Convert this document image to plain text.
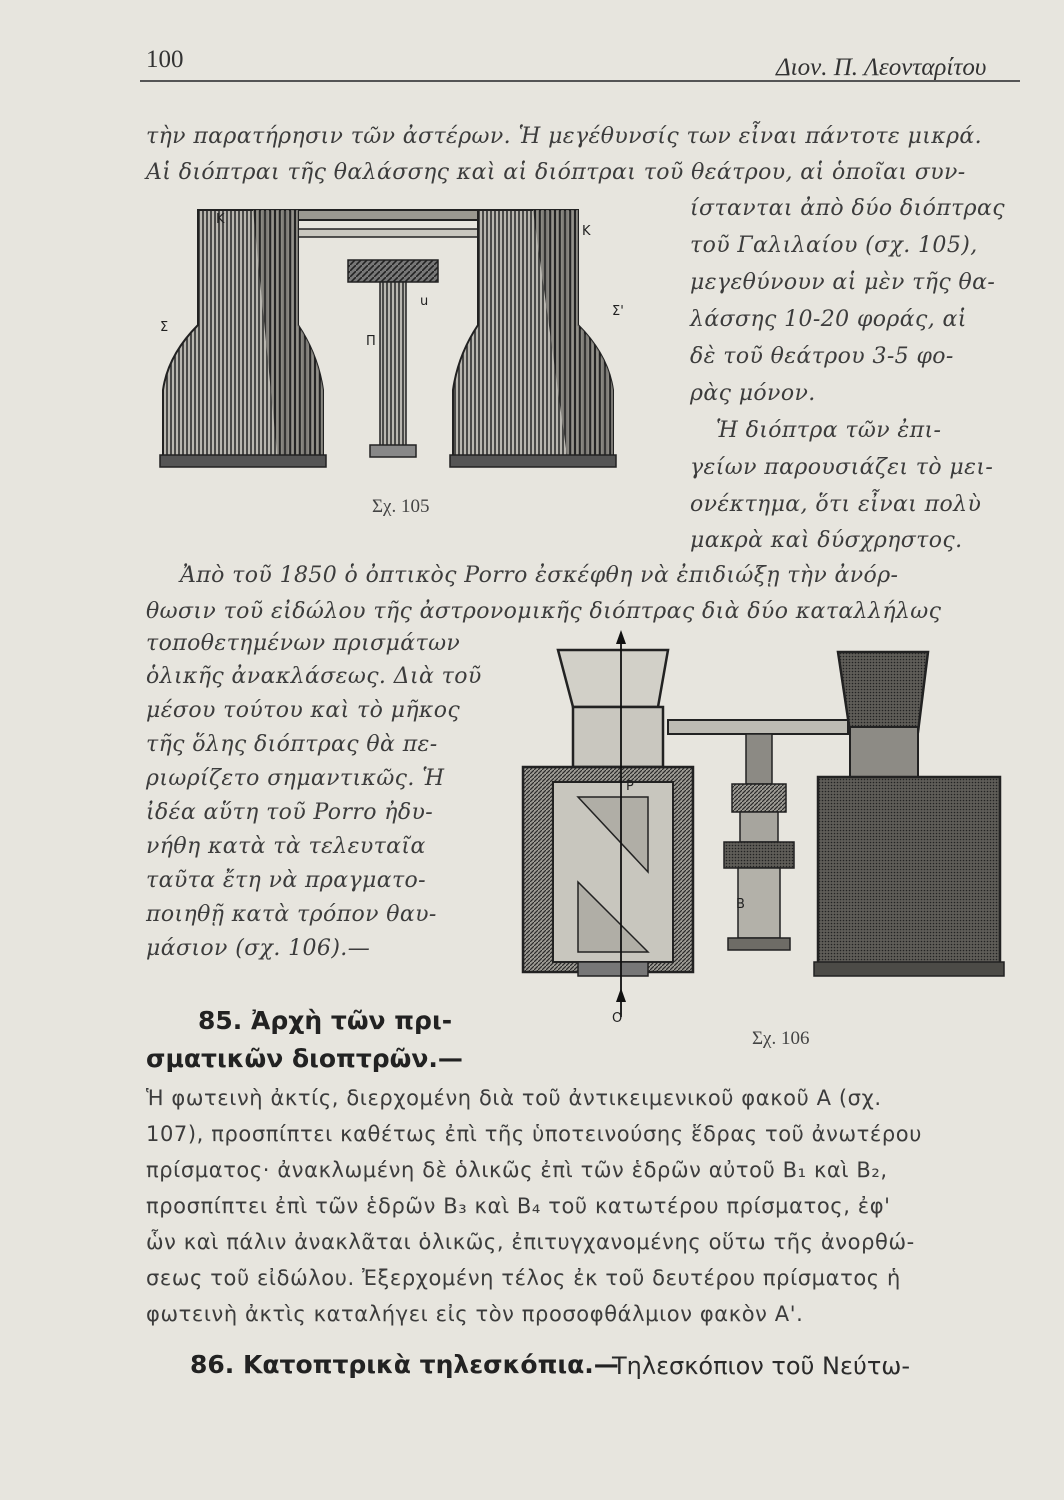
100	Διον. Π. Λεονταρίτου
τὴν παρατήρησιν τῶν ἀστέρων. Ἡ μεγέθυνσίς των εἶναι πάντοτε μικρά.
Αἱ διόπτραι τῆς θαλάσσης καὶ αἱ διόπτραι τοῦ θεάτρου, αἱ ὁποῖαι συν-
K
K
Σ
Σ'
u
Π
Σχ. 105
ίστανται ἀπὸ δύο διόπτρας
τοῦ Γαλιλαίου (σχ. 105),
μεγεθύνουν αἱ μὲν τῆς θα-
λάσσης 10-20 φοράς, αἱ
δὲ τοῦ θεάτρου 3-5 φο-
ρὰς μόνον.
Ἡ διόπτρα τῶν ἐπι-
γείων παρουσιάζει τὸ μει-
ονέκτημα, ὅτι εἶναι πολὺ
μακρὰ καὶ δύσχρηστος.
Ἀπὸ τοῦ 1850 ὁ ὀπτικὸς Porro ἐσκέφθη νὰ ἐπιδιώξῃ τὴν ἀνόρ-
θωσιν τοῦ εἰδώλου τῆς ἀστρονομικῆς διόπτρας διὰ δύο καταλλήλως
τοποθετημένων πρισμάτων
ὁλικῆς ἀνακλάσεως. Διὰ τοῦ
μέσου τούτου καὶ τὸ μῆκος
τῆς ὅλης διόπτρας θὰ πε-
ριωρίζετο σημαντικῶς. Ἡ
ἰδέα αὕτη τοῦ Porro ἠδυ-
νήθη κατὰ τὰ τελευταῖα
ταῦτα ἔτη νὰ πραγματο-
ποιηθῇ κατὰ τρόπον θαυ-
μάσιον (σχ. 106).—
O
B
P
Σχ. 106
85. Ἀρχὴ τῶν πρι-
σματικῶν διοπτρῶν.—
Ἡ φωτεινὴ ἀκτίς, διερχομένη διὰ τοῦ ἀντικειμενικοῦ φακοῦ Α (σχ.
107), προσπίπτει καθέτως ἐπὶ τῆς ὑποτεινούσης ἕδρας τοῦ ἀνωτέρου
πρίσματος· ἀνακλωμένη δὲ ὁλικῶς ἐπὶ τῶν ἑδρῶν αὐτοῦ Β₁ καὶ Β₂,
προσπίπτει ἐπὶ τῶν ἑδρῶν Β₃ καὶ Β₄ τοῦ κατωτέρου πρίσματος, ἐφ'
ὧν καὶ πάλιν ἀνακλᾶται ὁλικῶς, ἐπιτυγχανομένης οὕτω τῆς ἀνορθώ-
σεως τοῦ εἰδώλου. Ἐξερχομένη τέλος ἐκ τοῦ δευτέρου πρίσματος ἡ
φωτεινὴ ἀκτὶς καταλήγει εἰς τὸν προσοφθάλμιον φακὸν Α'.
86. Κατοπτρικὰ τηλεσκόπια.—
Τηλεσκόπιον τοῦ Νεύτω-
